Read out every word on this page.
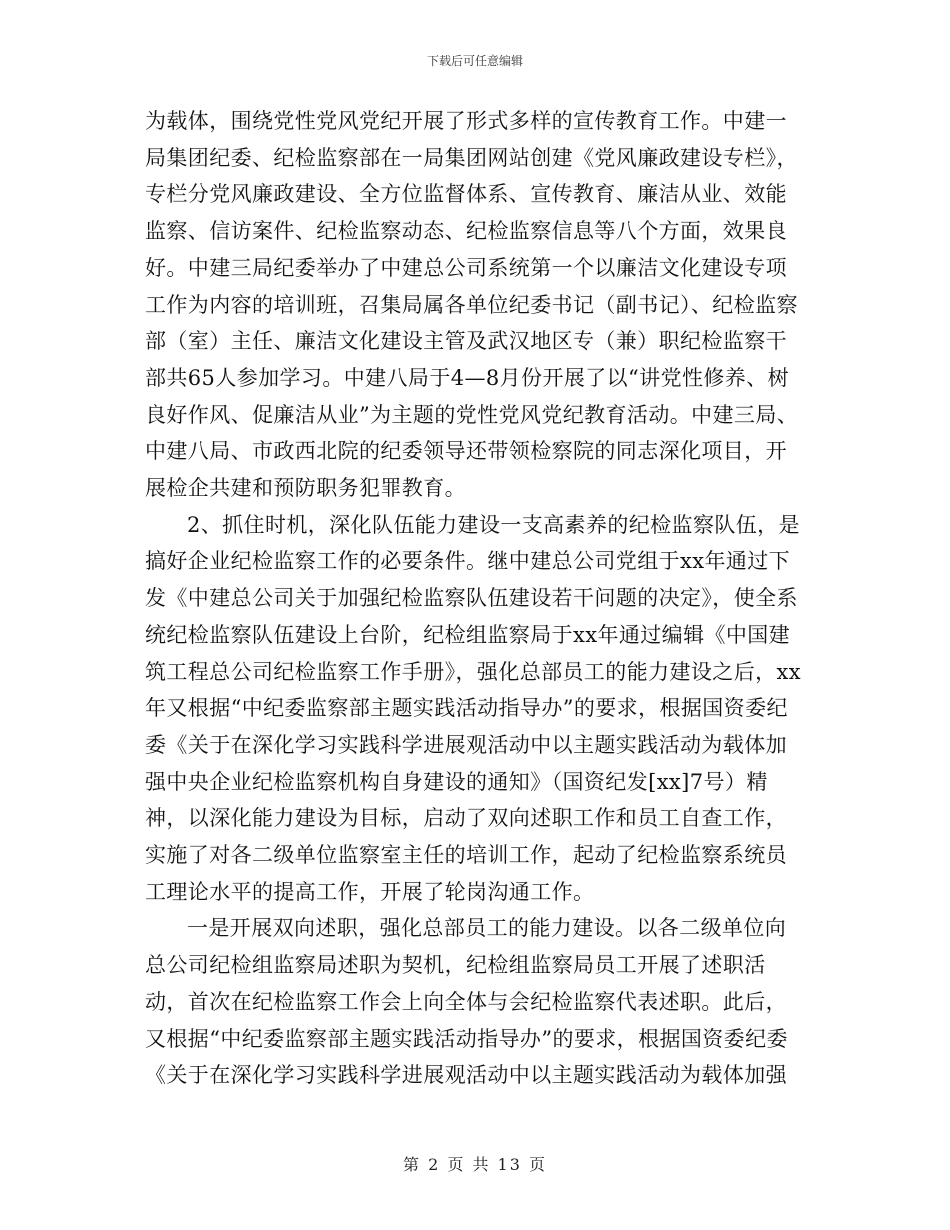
下载后可任意编辑

为载体，围绕党性党风党纪开展了形式多样的宣传教育工作。中建一局集团纪委、纪检监察部在一局集团网站创建《党风廉政建设专栏》，专栏分党风廉政建设、全方位监督体系、宣传教育、廉洁从业、效能监察、信访案件、纪检监察动态、纪检监察信息等八个方面，效果良好。中建三局纪委举办了中建总公司系统第一个以廉洁文化建设专项工作为内容的培训班，召集局属各单位纪委书记（副书记）、纪检监察部（室）主任、廉洁文化建设主管及武汉地区专（兼）职纪检监察干部共65人参加学习。中建八局于4—8月份开展了以“讲党性修养、树良好作风、促廉洁从业”为主题的党性党风党纪教育活动。中建三局、中建八局、市政西北院的纪委领导还带领检察院的同志深化项目，开展检企共建和预防职务犯罪教育。

2、抓住时机，深化队伍能力建设一支高素养的纪检监察队伍，是搞好企业纪检监察工作的必要条件。继中建总公司党组于xx年通过下发《中建总公司关于加强纪检监察队伍建设若干问题的决定》，使全系统纪检监察队伍建设上台阶，纪检组监察局于xx年通过编辑《中国建筑工程总公司纪检监察工作手册》，强化总部员工的能力建设之后，xx年又根据“中纪委监察部主题实践活动指导办”的要求，根据国资委纪委《关于在深化学习实践科学进展观活动中以主题实践活动为载体加强中央企业纪检监察机构自身建设的通知》（国资纪发[xx]7号）精神，以深化能力建设为目标，启动了双向述职工作和员工自查工作，实施了对各二级单位监察室主任的培训工作，起动了纪检监察系统员工理论水平的提高工作，开展了轮岗沟通工作。

一是开展双向述职，强化总部员工的能力建设。以各二级单位向总公司纪检组监察局述职为契机，纪检组监察局员工开展了述职活动，首次在纪检监察工作会上向全体与会纪检监察代表述职。此后，又根据“中纪委监察部主题实践活动指导办”的要求，根据国资委纪委《关于在深化学习实践科学进展观活动中以主题实践活动为载体加强

第 2 页 共 13 页
